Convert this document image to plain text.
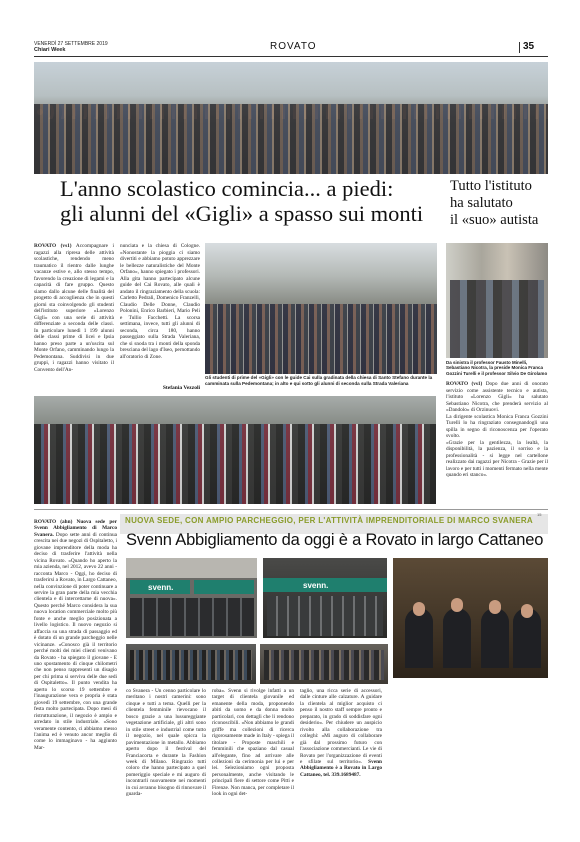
VENERDÌ 27 SETTEMBRE 2019
Chiari Week	ROVATO	35
L'anno scolastico comincia... a piedi:
gli alunni del «Gigli» a spasso sui monti
Tutto l'istituto
ha salutato
il «suo» autista
ROVATO (vs1) Accompagnare i ragazzi alla ripresa delle attività scolastiche, rendendo meno traumatico il rientro dalle lunghe vacanze estive e, allo stesso tempo, favorendo la creazione di legami e la capacità di fare gruppo. Questo siamo dallo alcune delle finalità del progetto di accoglienza che in questi giorni sta coinvolgendo gli studenti dell'istituto superiore «Lorenzo Gigli» con una serie di attività differenziate a seconda delle classi. In particolare lunedì 1 199 alunni delle classi prime di licei e Ipsia hanno preso parte a un'uscita sul Monte Orfano, camminando lungo la Pedemontana. Suddivisi in due gruppi, i ragazzi hanno visitato il Convento dell'An-
nunciata e la chiesa di Cologne. «Nonostante la pioggia ci siamo divertiti e abbiamo potuto apprezzare le bellezze naturalistiche del Monte Orfano», hanno spiegato i professori. Alla gita hanno partecipato alcune guide del Cai Rovato, alle quali è andato il ringraziamento della scuola: Carletto Pedrali, Domenico Franzelli, Claudio Delle Donne, Claudio Polonini, Enrico Barbieri, Mario Peli e Tullio Facchetti. La scorsa settimana, invece, tutti gli alunni di seconda, circa 180, hanno passeggiato sulla Strada Valeriana, che si snoda tra i monti della sponda bresciana del lago d'Iseo, pernottando all'oratorio di Zone.
Stefania Vezzoli
Gli studenti di prime del «Gigli» con le guide Cai sulla gradinata della chiesa di Santo Stefano durante la camminata sulla Pedemontana; in alto e qui sotto gli alunni di seconda sulla Strada Valeriana
Da sinistra il professor Fausto Minelli, Sebastiano Nicotra, la preside Monica Franca Gozzini Turelli e il professor Silvio De Girolamo

ROVATO (vs1) Dopo due anni di onorato servizio come assistente tecnico e autista, l'istituto «Lorenzo Gigli» ha salutato Sebastiano Nicotra, che prenderà servizio al «Dandolo» di Orzinuovi.

La dirigente scolastica Monica Franca Gozzini Turelli lo ha ringraziato consegnandogli una spilla in segno di riconoscenza per l'operato svolto.

«Grazie per la gentilezza, la lealtà, la disponibilità, la pazienza, il sorriso e la professionalità - si legge nel cartellone realizzato dai ragazzi per Nicotra - Grazie per il lavoro e per tutti i momenti fermato nella mente quando eri stanco».

NUOVA SEDE, CON AMPIO PARCHEGGIO, PER L'ATTIVITÀ IMPRENDITORIALE DI MARCO SVANERA
15
Svenn Abbigliamento da oggi è a Rovato in largo Cattaneo
ROVATO (ahn) Nuova sede per Svenn Abbigliamento di Marco Svanera. Dopo sette anni di continua crescita nei due negozi di Ospitaletto, i giovane imprenditore della moda ha deciso di trasferire l'attività nella vicina Rovato. «Quando ho aperto la mia azienda, nel 2012, avevo 22 anni - racconta Marco - Oggi, ho deciso di trasferirsi a Rovato, in Largo Cattaneo, nella convinzione di poter continuare a servire la gran parte della mia vecchia clientela e di intercettarne di nuova». Questo perché Marco considera la sua nuova location commerciale molto più fonte e anche meglio posizionata a livello logistico. Il nuovo negozio si affaccia su una strada di passaggio ed è dotato di un grande parcheggio nelle vicinanze. «Conosco già il territorio perché molti dei miei clienti venivano da Rovato - ha spiegato il giovane - E uno spostamento di cinque chilometri che non penso rappresenti un disagio per chi prima si serviva delle due sedi di Ospitaletto». Il punto vendita ha aperto lo scorso 19 settembre e l'inaugurazione vera e propria è stata giovedì 19 settembre, con una grande festa molto partecipata. Dopo mesi di ristrutturazione, il negozio è ampio e arredato in stile industriale. «Sono veramente contento, ci abbiamo messo l'anima ed è venuto ancor meglio di come lo immaginavo - ha aggiunto Mar-
svenn.	svenn.
co Svanera - Un cenno particolare lo meritano i nostri camerini: sono cinque e tutti a tema. Quelli per la clientela femminile rievocano il bosco grazie a una lussureggiante vegetazione artificiale, gli altri sono in stile street e industrial come tutto il negozio, nel quale spicca la pavimentazione in metallo. Abbiamo aperto dopo il festival del Franciacorta e durante la Fashion week di Milano. Ringrazio tutti coloro che hanno partecipato a quel pomeriggio speciale e mi auguro di incontrarli nuovamente nei momenti in cui avranno bisogno di rinnovare il guarda-
roba». Svenn si rivolge infatti a un target di clientela giovanile ed emanente della moda, proponendo abiti da uomo e da donna molto particolari, con dettagli che li rendono riconoscibili. «Non abbiamo le grandi griffe ma collezioni di ricerca rigorosamente made in Italy - spiega il titolare - Proposte maschili e femminili che spaziano dal casual all'elegante, fino ad arrivare alle collezioni da cerimonia per lui e per lei. Selezioniamo ogni proposta personalmente, anche visitando le principali fiere di settore come Pitti e Firenze. Non manca, per completare il look in ogni det-
taglio, una ricca serie di accessori, dalle cinture alle calzature. A guidare la clientela al miglior acquisto ci penso il nostro staff sempre pronto e preparato, in grado di soddisfare ogni desiderio». Per chiudere un auspicio rivolto alla collaborazione tra colleghi: «Mi auguro di collaborare già dal prossimo futuro con l'associazione commercianti. Le vie di Rovato per l'organizzazione di eventi e sfilate sul territorio». Svenn Abbigliamento è a Rovato in Largo Cattaneo, tel. 339.1689487.
